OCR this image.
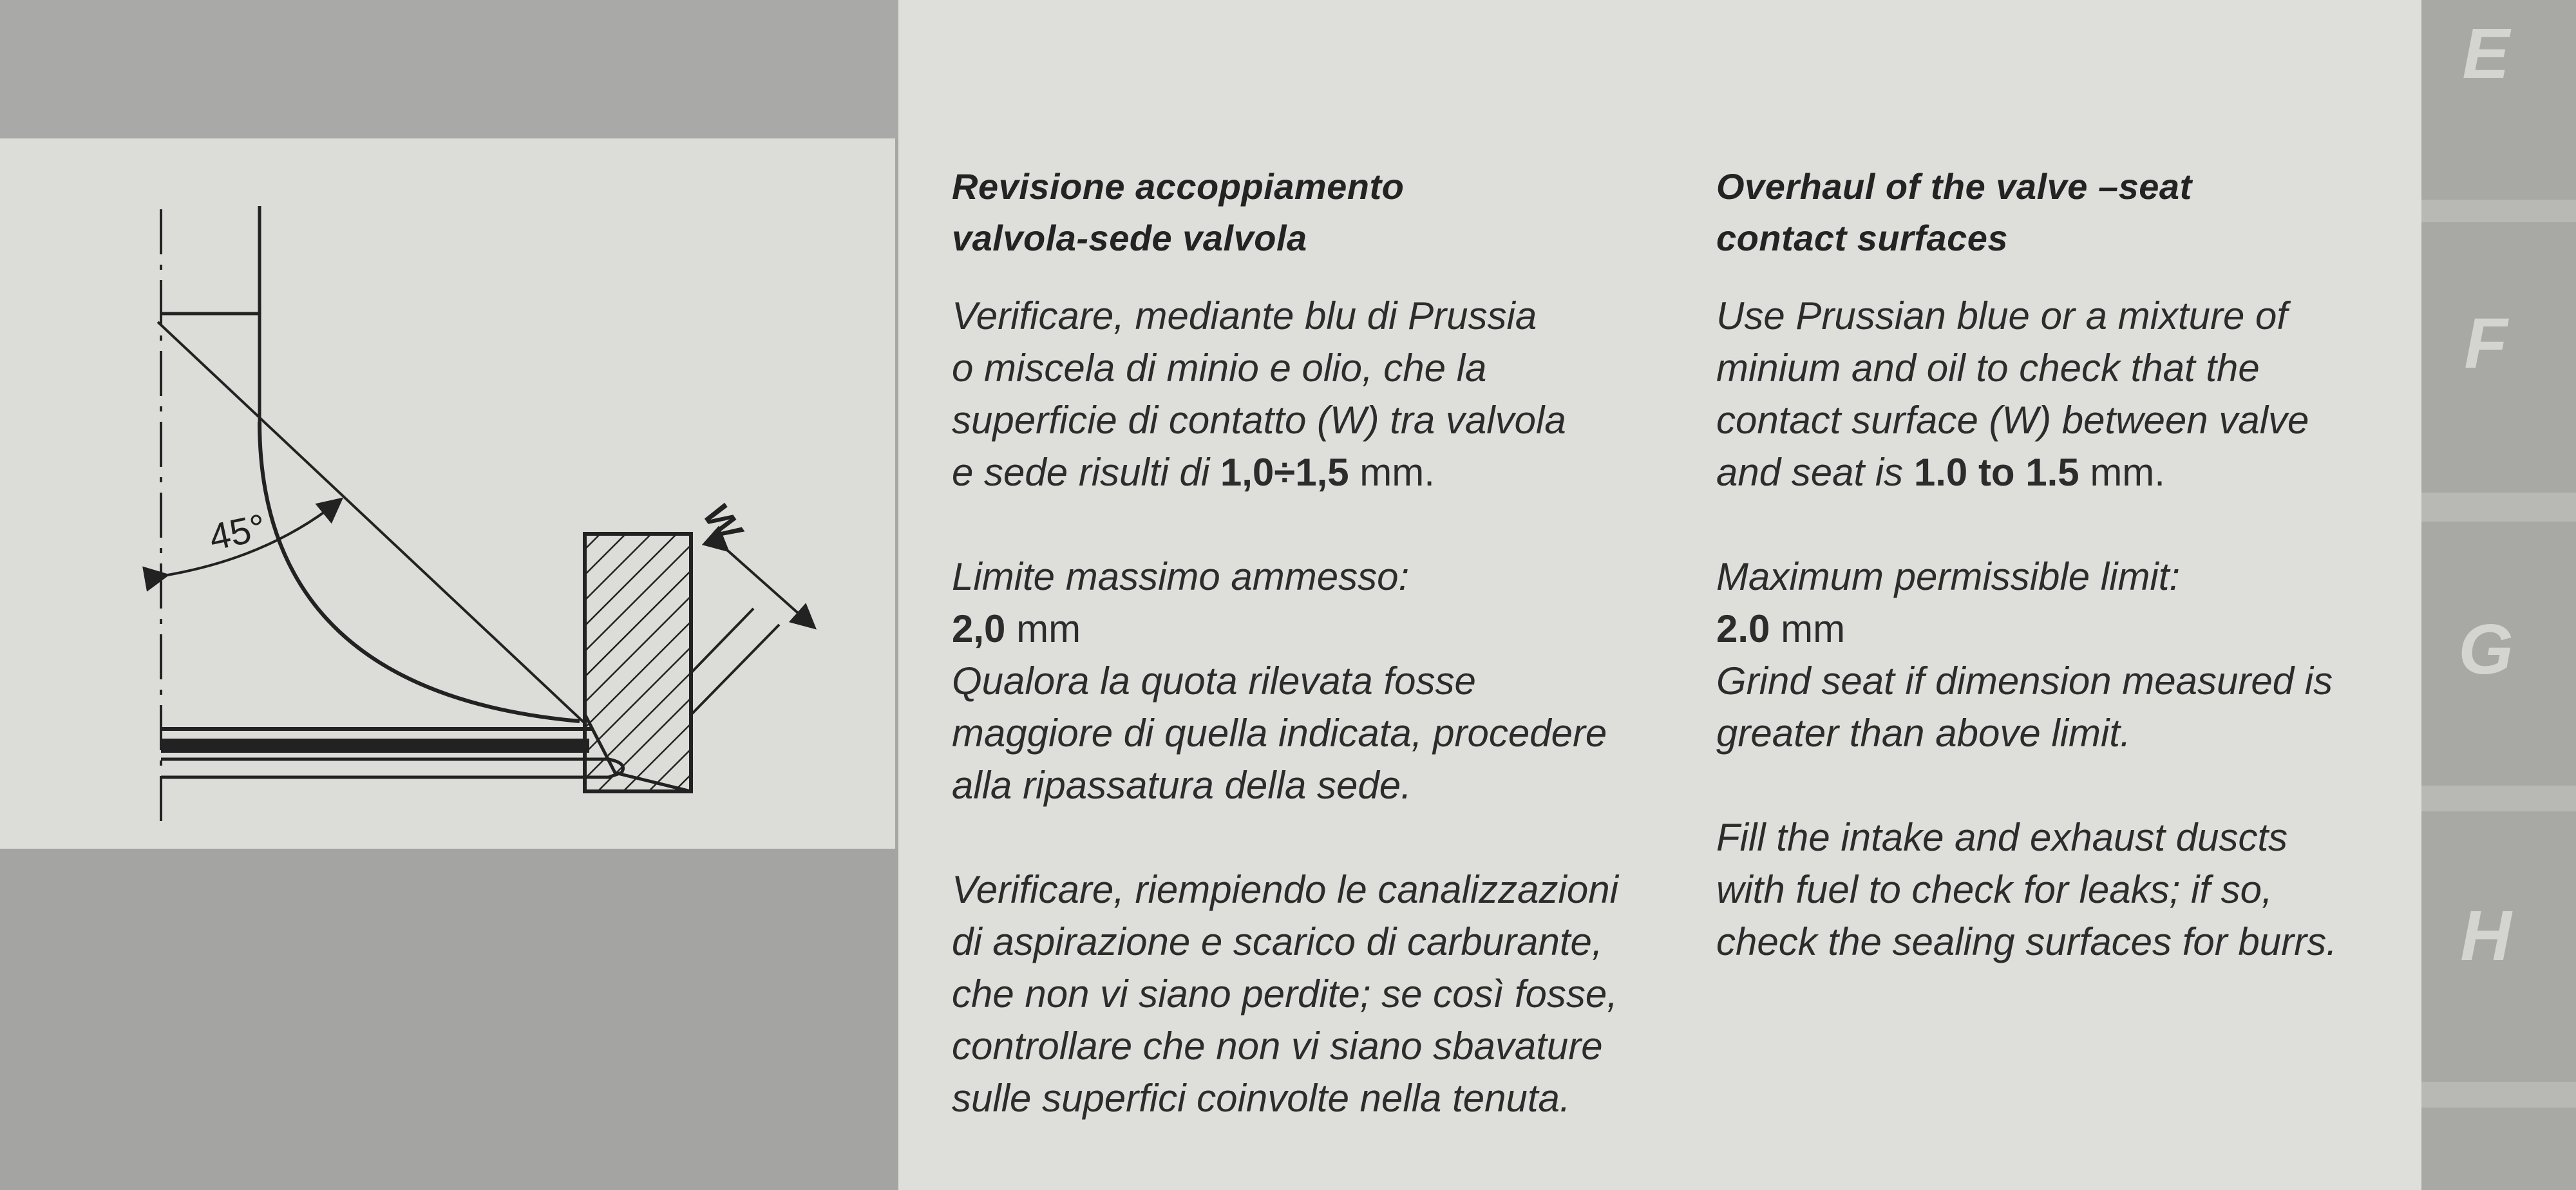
45°	W
Revisione accoppiamento
valvola-sede valvola
Verificare, mediante blu di Prussia
o miscela di minio e olio, che la
superficie di contatto (W) tra valvola
e sede risulti di 1,0÷1,5 mm.
Limite massimo ammesso:
2,0 mm
Qualora la quota rilevata fosse
maggiore di quella indicata, procedere
alla ripassatura della sede.
Verificare, riempiendo le canalizzazioni
di aspirazione e scarico di carburante,
che non vi siano perdite; se così fosse,
controllare che non vi siano sbavature
sulle superfici coinvolte nella tenuta.
Overhaul of the valve –seat
contact surfaces
Use Prussian blue or a mixture of
minium and oil to check that the
contact surface (W) between valve
and seat is 1.0 to 1.5 mm.
Maximum permissible limit:
2.0 mm
Grind seat if dimension measured is
greater than above limit.
Fill the intake and exhaust duscts
with fuel to check for leaks; if so,
check the sealing surfaces for burrs.
E
F
G
H
